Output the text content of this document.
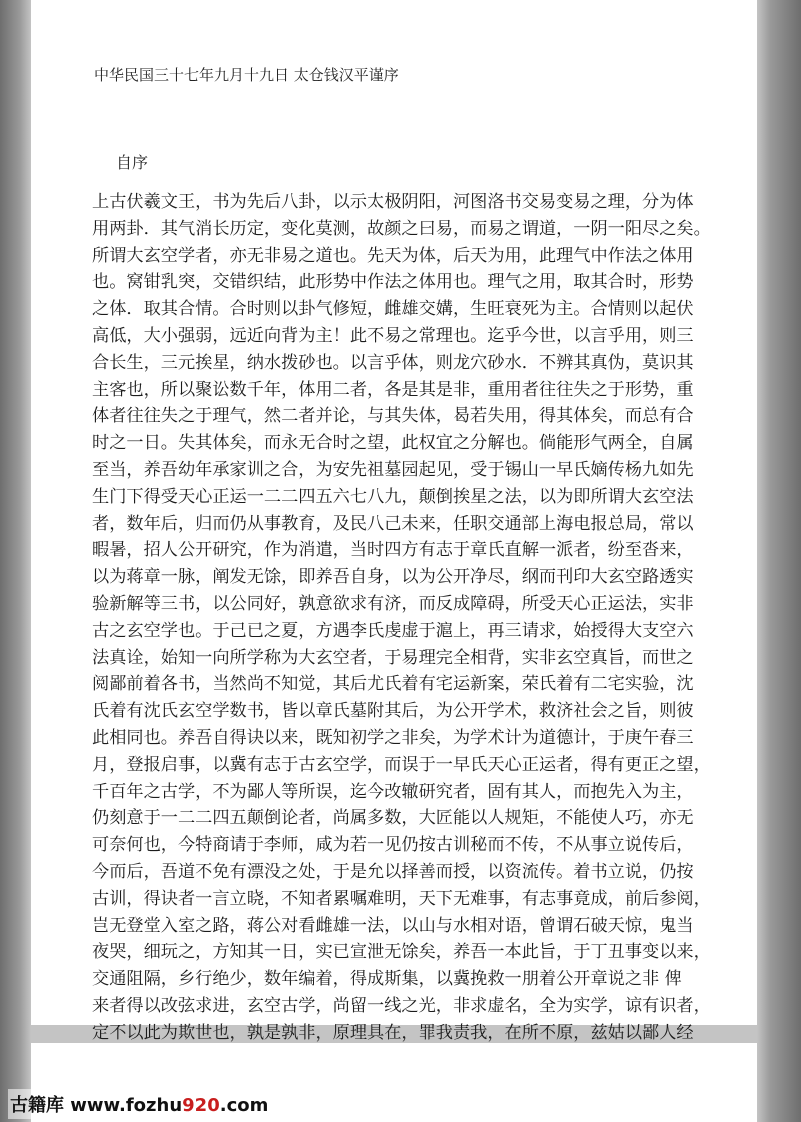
中华民国三十七年九月十九日 太仓钱汉平谨序
自序
上古伏羲文王，书为先后八卦，以示太极阴阳，河图洛书交易变易之理，分为体
用两卦．其气消长历定，变化莫测，故颜之曰易，而易之谓道，一阴一阳尽之矣。
所谓大玄空学者，亦无非易之道也。先天为体，后天为用，此理气中作法之体用
也。窝钳乳突，交错织结，此形势中作法之体用也。理气之用，取其合时，形势
之体．取其合情。合时则以卦气修短，雌雄交媾，生旺衰死为主。合情则以起伏
高低，大小强弱，远近向背为主！此不易之常理也。迄乎今世，以言乎用，则三
合长生，三元挨星，纳水拨砂也。以言乎体，则龙穴砂水．不辨其真伪，莫识其
主客也，所以聚讼数千年，体用二者，各是其是非，重用者往往失之于形势，重
体者往往失之于理气，然二者并论，与其失体，曷若失用，得其体矣，而总有合
时之一日。失其体矣，而永无合时之望，此权宜之分解也。倘能形气两全，自属
至当，养吾幼年承家训之合，为安先祖墓园起见，受于锡山一早氏嫡传杨九如先
生门下得受天心正运一二二四五六七八九，颠倒挨星之法，以为即所谓大玄空法
者，数年后，归而仍从事教育，及民八己未来，任职交通部上海电报总局，常以
暇暑，招人公开研究，作为消遣，当时四方有志于章氏直解一派者，纷至沓来，
以为蒋章一脉，阐发无馀，即养吾自身，以为公开净尽，纲而刊印大玄空路透实
验新解等三书，以公同好，孰意欲求有济，而反成障碍，所受天心正运法，实非
古之玄空学也。于己已之夏，方遇李氏虔虚于滬上，再三请求，始授得大支空六
法真诠，始知一向所学称为大玄空者，于易理完全相背，实非玄空真旨，而世之
阅鄙前着各书，当然尚不知觉，其后尤氏着有宅运新案，荣氏着有二宅实验，沈
氏着有沈氏玄空学数书，皆以章氏墓附其后，为公开学术，救济社会之旨，则彼
此相同也。养吾自得诀以来，既知初学之非矣，为学术计为道德计，于庚午春三
月，登报启事，以冀有志于古玄空学，而误于一早氏天心正运者，得有更正之望，
千百年之古学，不为鄙人等所误，迄今改辙研究者，固有其人，而抱先入为主，
仍刻意于一二二四五颠倒论者，尚属多数，大匠能以人规矩，不能使人巧，亦无
可奈何也，今特商请于李师，咸为若一见仍按古训秘而不传，不从事立说传后，
今而后，吾道不免有漂没之处，于是允以择善而授，以资流传。着书立说，仍按
古训，得诀者一言立晓，不知者累嘱难明，天下无难事，有志事竟成，前后参阅，
岂无登堂入室之路，蒋公对看雌雄一法，以山与水相对语，曾谓石破天惊，鬼当
夜哭，细玩之，方知其一日，实已宣泄无馀矣，养吾一本此旨，于丁丑事变以来，
交通阻隔，乡行绝少，数年编着，得成斯集，以冀挽救一朋着公开章说之非 俾
来者得以改弦求进，玄空古学，尚留一线之光，非求虚名，全为实学，谅有识者，
定不以此为欺世也，孰是孰非，原理具在，罪我责我，在所不原，兹姑以鄙人经
古籍库 www.fozhu920.com
